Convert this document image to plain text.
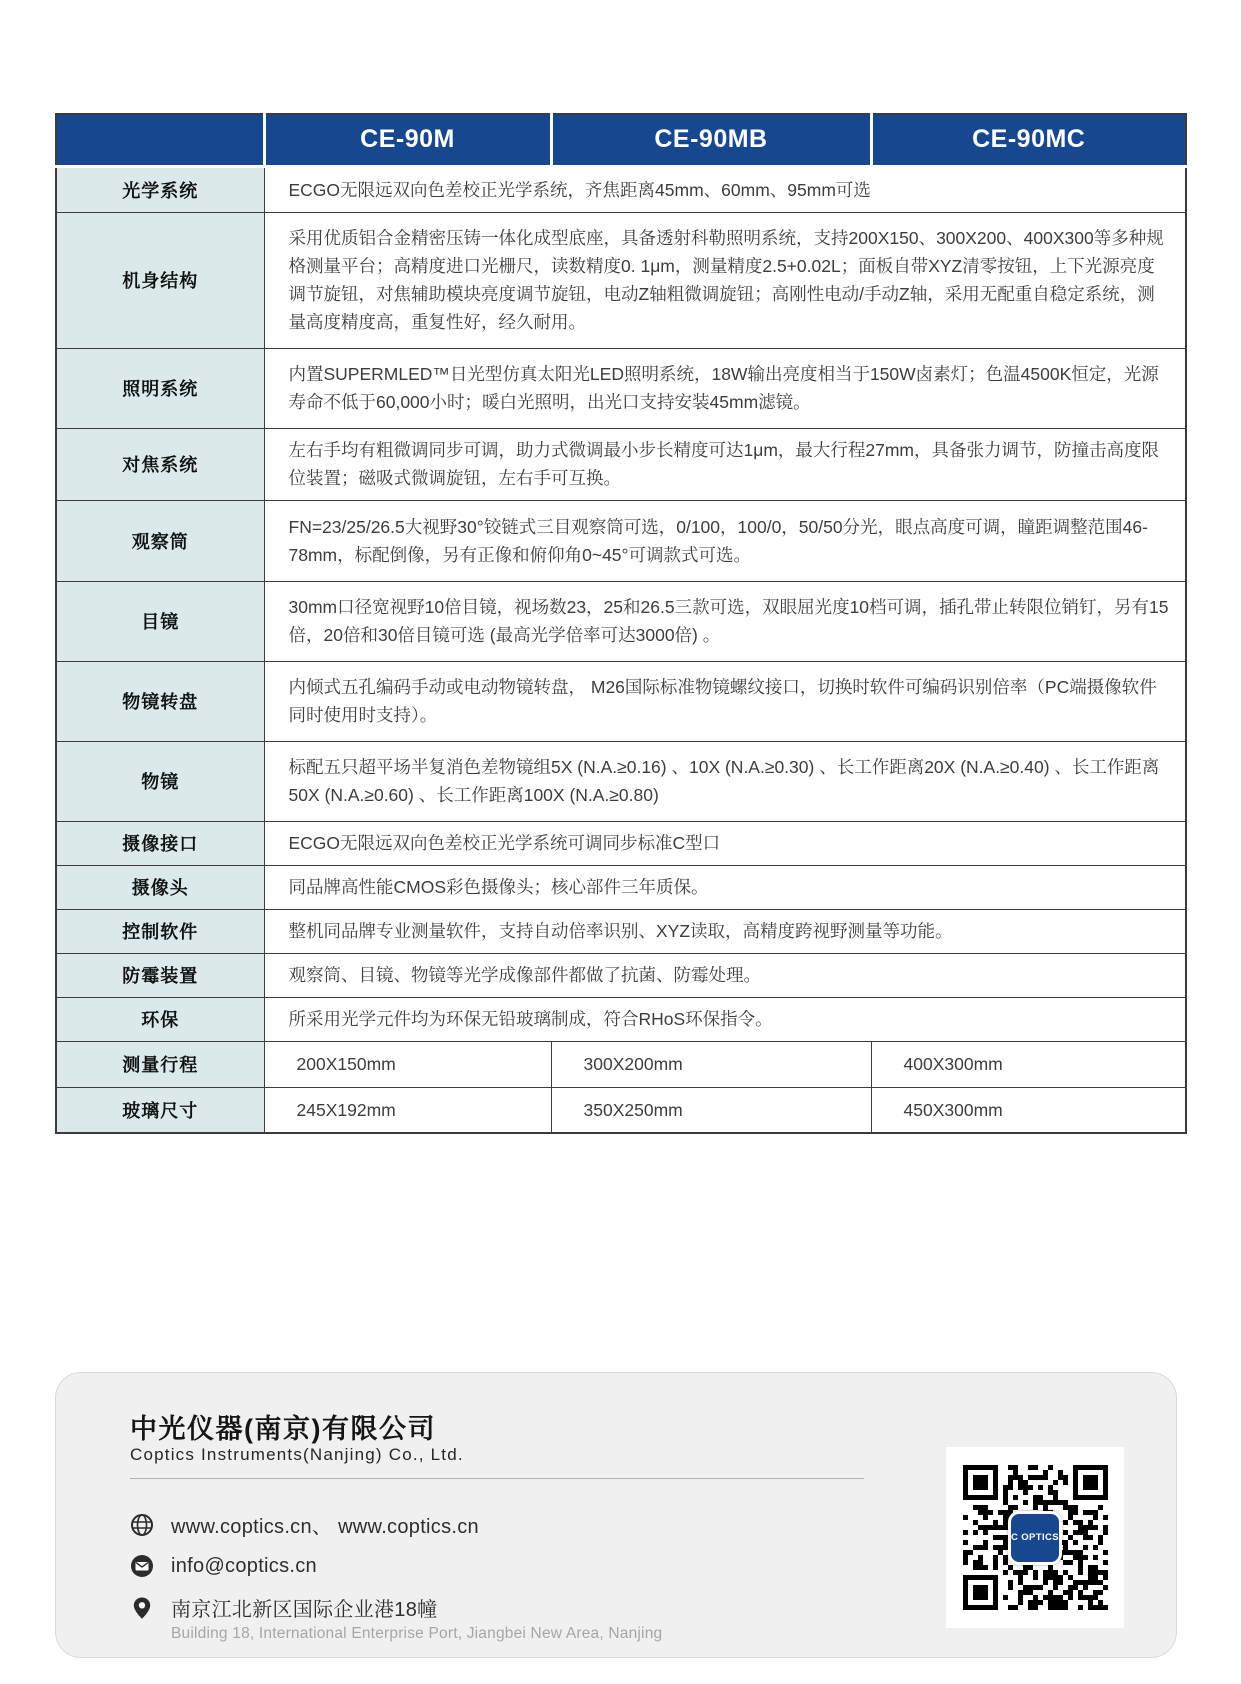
	CE-90M	CE-90MB	CE-90MC
光学系统	ECGO无限远双向色差校正光学系统，齐焦距离45mm、60mm、95mm可选		
机身结构	采用优质铝合金精密压铸一体化成型底座，具备透射科勒照明系统，支持200X150、300X200、400X300等多种规格测量平台；高精度进口光栅尺，读数精度0. 1μm，测量精度2.5+0.02L；面板自带XYZ清零按钮，上下光源亮度调节旋钮，对焦辅助模块亮度调节旋钮，电动Z轴粗微调旋钮；高刚性电动/手动Z轴，采用无配重自稳定系统，测量高度精度高，重复性好，经久耐用。		
照明系统	内置SUPERMLED™日光型仿真太阳光LED照明系统，18W输出亮度相当于150W卤素灯；色温4500K恒定，光源寿命不低于60,000小时；暖白光照明，出光口支持安装45mm滤镜。		
对焦系统	左右手均有粗微调同步可调，助力式微调最小步长精度可达1μm，最大行程27mm，具备张力调节，防撞击高度限位装置；磁吸式微调旋钮，左右手可互换。		
观察筒	FN=23/25/26.5大视野30°铰链式三目观察筒可选，0/100，100/0，50/50分光，眼点高度可调，瞳距调整范围46-78mm，标配倒像，另有正像和俯仰角0~45°可调款式可选。		
目镜	30mm口径宽视野10倍目镜，视场数23，25和26.5三款可选，双眼屈光度10档可调，插孔带止转限位销钉，另有15倍，20倍和30倍目镜可选 (最高光学倍率可达3000倍) 。		
物镜转盘	内倾式五孔编码手动或电动物镜转盘， M26国际标准物镜螺纹接口，切换时软件可编码识别倍率（PC端摄像软件同时使用时支持）。		
物镜	标配五只超平场半复消色差物镜组5X (N.A.≥0.16) 、10X (N.A.≥0.30) 、长工作距离20X (N.A.≥0.40) 、长工作距离50X (N.A.≥0.60) 、长工作距离100X (N.A.≥0.80)		
摄像接口	ECGO无限远双向色差校正光学系统可调同步标准C型口		
摄像头	同品牌高性能CMOS彩色摄像头；核心部件三年质保。		
控制软件	整机同品牌专业测量软件，支持自动倍率识别、XYZ读取，高精度跨视野测量等功能。		
防霉装置	观察筒、目镜、物镜等光学成像部件都做了抗菌、防霉处理。		
环保	所采用光学元件均为环保无铅玻璃制成，符合RHoS环保指令。		
测量行程	200X150mm	300X200mm	400X300mm
玻璃尺寸	245X192mm	350X250mm	450X300mm
中光仪器(南京)有限公司
Coptics Instruments(Nanjing) Co., Ltd.
www.coptics.cn、 www.coptics.cn
info@coptics.cn
南京江北新区国际企业港18幢
Building 18, International Enterprise Port, Jiangbei New Area, Nanjing
C OPTICS
